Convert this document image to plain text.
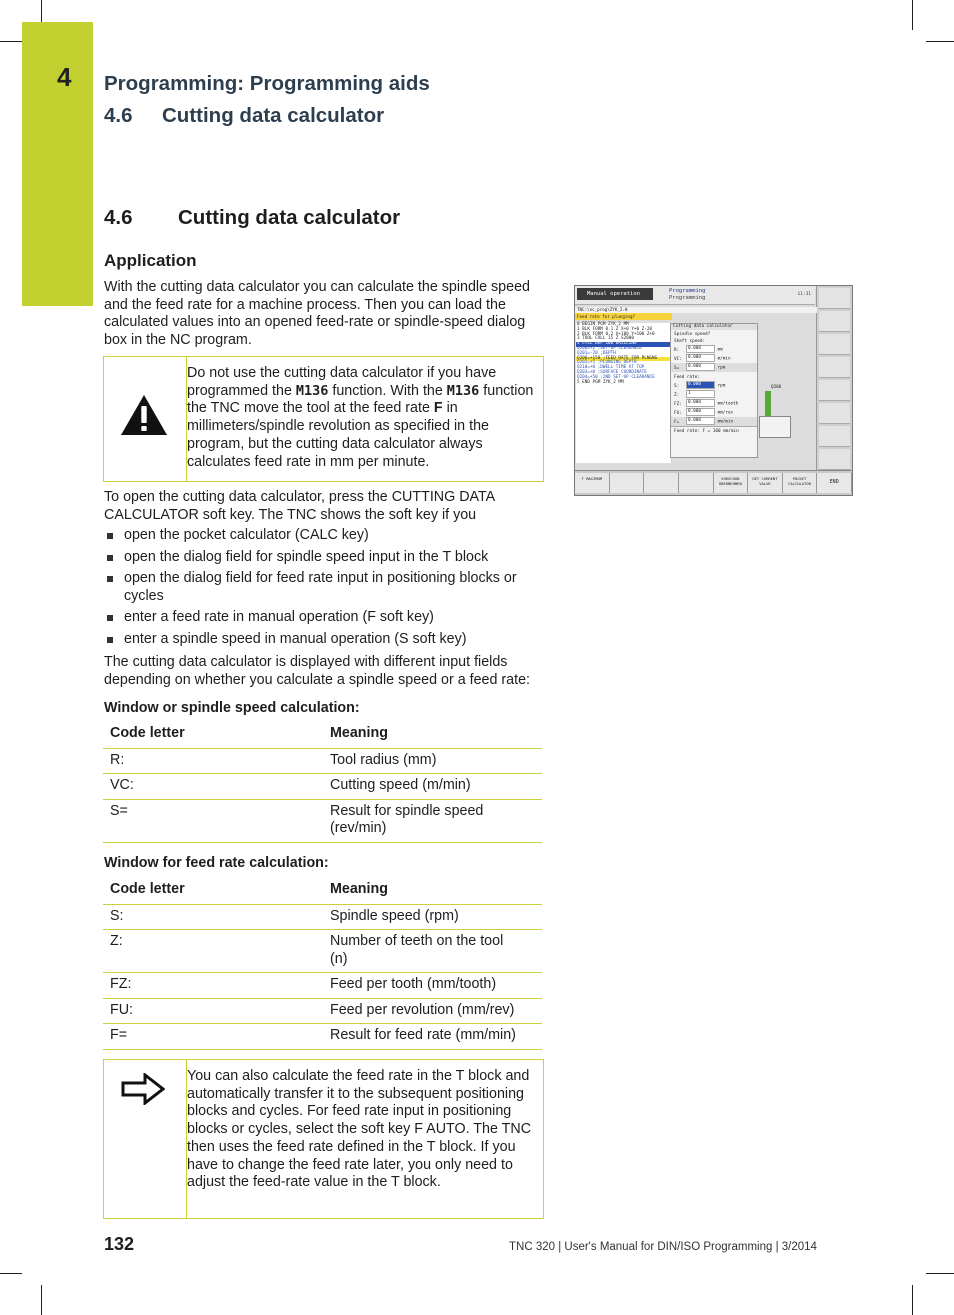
4 Programming: Programming aids
4.6 Cutting data calculator
4.6 Cutting data calculator
Application
With the cutting data calculator you can calculate the spindle speed and the feed rate for a machine process. Then you can load the calculated values into an opened feed-rate or spindle-speed dialog box in the NC program.
Do not use the cutting data calculator if you have programmed the M136 function. With the M136 function the TNC move the tool at the feed rate F in millimeters/spindle revolution as specified in the program, but the cutting data calculator always calculates feed rate in mm per minute.
To open the cutting data calculator, press the CUTTING DATA CALCULATOR soft key. The TNC shows the soft key if you
open the pocket calculator (CALC key)
open the dialog field for spindle speed input in the T block
open the dialog field for feed rate input in positioning blocks or cycles
enter a feed rate in manual operation (F soft key)
enter a spindle speed in manual operation (S soft key)
The cutting data calculator is displayed with different input fields depending on whether you calculate a spindle speed or a feed rate:
Window or spindle speed calculation:
Code letter	Meaning
R:	Tool radius (mm)
VC:	Cutting speed (m/min)
S=	Result for spindle speed (rev/min)
Window for feed rate calculation:
Code letter	Meaning
S:	Spindle speed (rpm)
Z:	Number of teeth on the tool (n)
FZ:	Feed per tooth (mm/tooth)
FU:	Feed per revolution (mm/rev)
F=	Result for feed rate (mm/min)
You can also calculate the feed rate in the T block and automatically transfer it to the subsequent positioning blocks and cycles. For feed rate input in positioning blocks or cycles, select the soft key F AUTO. The TNC then uses the feed rate defined in the T block. If you have to change the feed rate later, you only need to adjust the feed-rate value in the T block.
Manual operation	Programming
Programming
11:31
TNC:\nc_prog\ZYK_2.H
Feed rate for plunging?
0 BEGIN PGM ZYK_2 MM
1 BLK FORM 0.1 Z X+0 Y+0 Z-20
2 BLK FORM 0.2 X+100 Y+100 Z+0
3 TOOL CALL 15 Z S2000
4 CYCL DEF 200 DRILLING
Q200=+2 ;SET-UP CLEARANCE
Q201=-20 ;DEPTH
Q206=+150 ;FEED RATE FOR PLNGNG
Q202=+5 ;PLUNGING DEPTH
Q210=+0 ;DWELL TIME AT TOP
Q203=+0 ;SURFACE COORDINATE
Q204=+50 ;2ND SET-UP CLEARANCE
5 END PGM ZYK_2 MM
Cutting data calculator
Spindle speed?
Shaft speed:
R: 0.000	mm
VC: 0.000	m/min
S= 0.000	rpm
Feed rate:
S: 0.000	rpm
Z: 1
FZ: 0.000	mm/tooth
FU: 0.000	mm/rev
F= 0.000	mm/min
Feed rate: F = 100 mm/min
Q206
F MAXIMUM	VORSCHUB ÜBERNEHMEN
GET CURRENT VALUE
POCKET CALCULATOR	END
132	TNC 320 | User's Manual for DIN/ISO Programming | 3/2014
